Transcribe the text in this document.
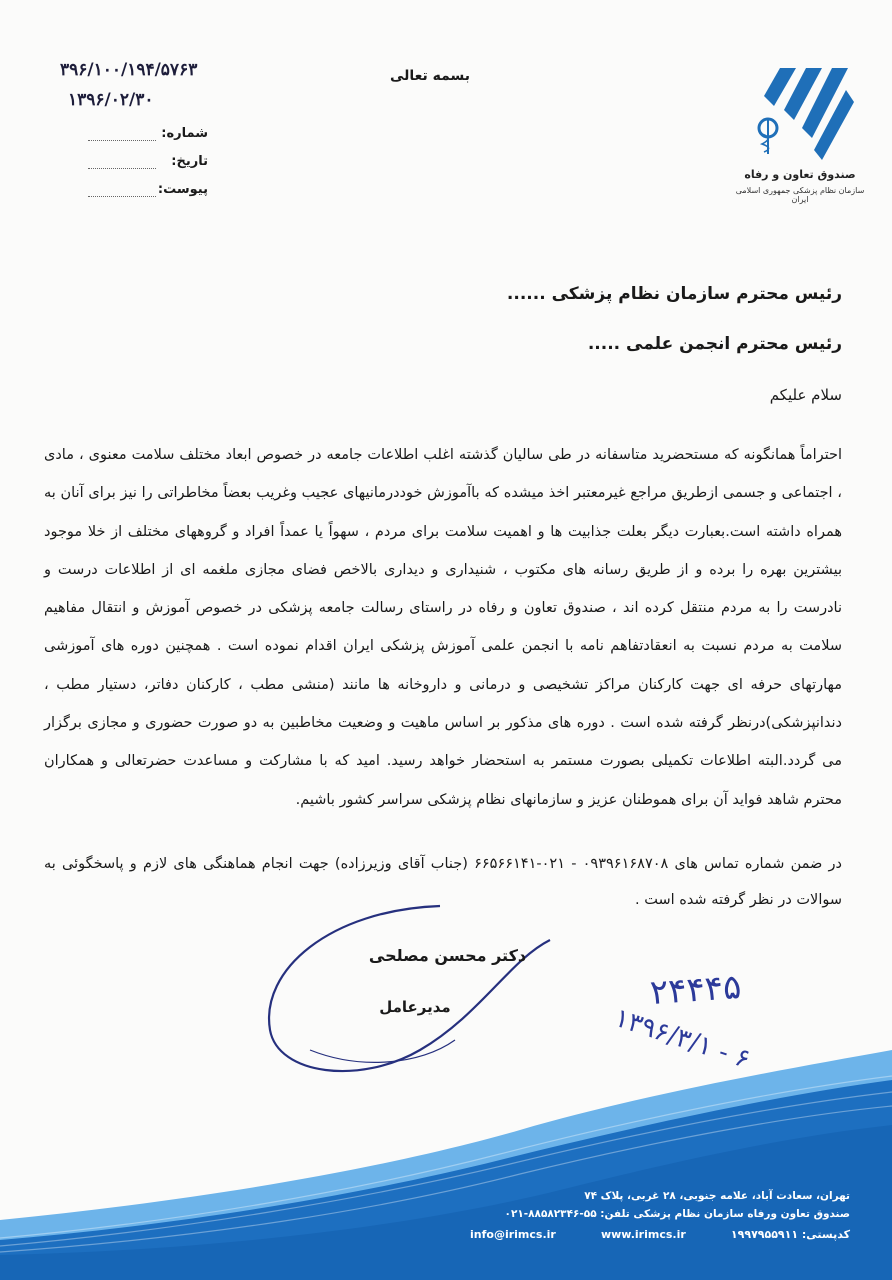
صندوق تعاون و رفاه
سازمان نظام پزشکی جمهوری اسلامی ایران
بسمه تعالی
۳۹۶/۱۰۰/۱۹۴/۵۷۶۳
۱۳۹۶/۰۲/۳۰
شماره:
تاریخ:
پیوست:
رئیس محترم سازمان نظام پزشکی ......
رئیس محترم انجمن علمی .....
سلام علیکم
احتراماً همانگونه که مستحضرید متاسفانه در طی سالیان گذشته اغلب اطلاعات جامعه در خصوص ابعاد مختلف سلامت معنوی ، مادی ، اجتماعی و جسمی ازطریق مراجع غیرمعتبر اخذ میشده که باآموزش خوددرمانیهای عجیب وغریب بعضاً مخاطراتی را نیز برای آنان به همراه داشته است.بعبارت دیگر بعلت جذابیت ها و اهمیت سلامت برای مردم ، سهواً یا عمداً افراد و گروههای مختلف از خلا موجود بیشترین بهره را برده و از طریق رسانه های مکتوب ، شنیداری و دیداری بالاخص فضای مجازی ملغمه ای از اطلاعات درست و نادرست را به مردم منتقل کرده اند ، صندوق تعاون و رفاه در راستای رسالت جامعه پزشکی در خصوص آموزش و انتقال مفاهیم سلامت به مردم نسبت به انعقادتفاهم نامه با انجمن علمی آموزش پزشکی ایران اقدام نموده است . همچنین دوره های آموزشی مهارتهای حرفه ای جهت کارکنان مراکز تشخیصی و درمانی و داروخانه ها مانند (منشی مطب ، کارکنان دفاتر، دستیار مطب ، دندانپزشکی)درنظر گرفته شده است . دوره های مذکور بر اساس ماهیت و وضعیت مخاطبین به دو صورت حضوری و مجازی برگزار می گردد.البته اطلاعات تکمیلی بصورت مستمر به استحضار خواهد رسید. امید که با مشارکت و مساعدت حضرتعالی و همکاران محترم شاهد فواید آن برای هموطنان عزیز و سازمانهای نظام پزشکی سراسر کشور باشیم.
در ضمن شماره تماس های ۰۹۳۹۶۱۶۸۷۰۸ - ۰۲۱-۶۶۵۶۶۱۴۱ (جناب آقای وزیرزاده) جهت انجام هماهنگی های لازم و پاسخگوئی به سوالات در نظر گرفته شده است .
دکتر محسن مصلحی
مدیرعامل	۲۴۴۴۵
۱۳۹۶/۳/۱ - ۶
تهران، سعادت آباد، علامه جنوبی، ۲۸ غربی، پلاک ۷۴
صندوق تعاون ورفاه سازمان نظام پزشکی تلفن: ۵۵-۸۸۵۸۲۳۴۶-۰۲۱
info@irimcs.ir	www.irimcs.ir	کدپستی: ۱۹۹۷۹۵۵۹۱۱
